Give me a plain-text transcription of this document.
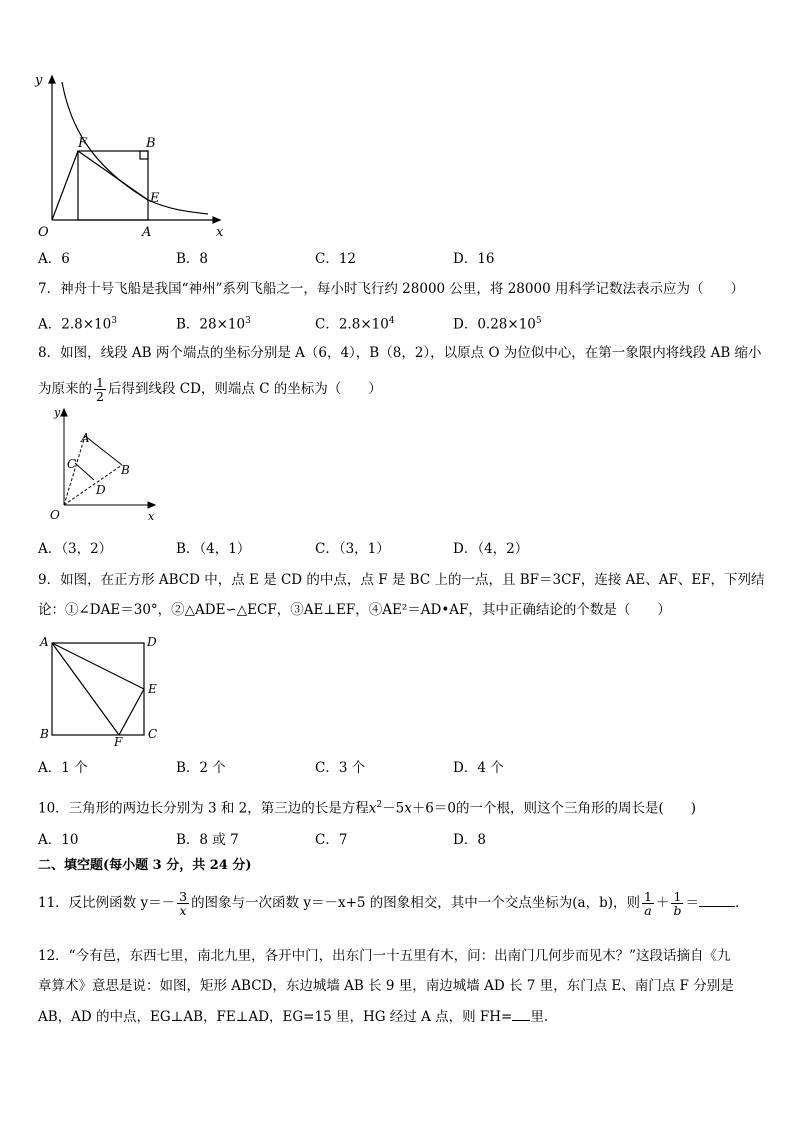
y
x
O	A
B
E
F
A．6	B．8	C．12	D．16
7．神舟十号飞船是我国“神州”系列飞船之一，每小时飞行约 28000 公里，将 28000 用科学记数法表示应为（　　）
A．$2.8\times 10^3$	B．$28\times 10^3$	C．$2.8\times 10^4$	D．$0.28\times 10^5$
8．如图，线段 AB 两个端点的坐标分别是 A（6，4），B（8，2），以原点 O 为位似中心，在第一象限内将线段 AB 缩小
为原来的 $\frac{1}{2}$ 后得到线段 CD，则端点 C 的坐标为（　　）
y
x
O
A
B
C
D
A．（3，2）	B．（4，1）	C．（3，1）	D．（4，2）
9．如图，在正方形 ABCD 中，点 E 是 CD 的中点，点 F 是 BC 上的一点，且 BF＝3CF，连接 AE、AF、EF，下列结
论：①∠DAE＝30°，②△ADE∽△ECF，③AE⊥EF，④AE²＝AD•AF，其中正确结论的个数是（　　）
A	D
E
B	C
F
A．1 个	B．2 个	C．3 个	D．4 个
10．三角形的两边长分别为 3 和 2，第三边的长是方程$x^2-5x+6=0$的一个根，则这个三角形的周长是(　　)
A．10	B．8 或 7	C．7	D．8
二、填空题(每小题 3 分，共 24 分)
11．反比例函数 $y=- \frac{3}{x}$ 的图象与一次函数 y＝－x+5 的图象相交，其中一个交点坐标为(a，b)，则 $\frac{1}{a} + \frac{1}{b}$ ＝	．
12．“今有邑，东西七里，南北九里，各开中门，出东门一十五里有木，问：出南门几何步而见木？”这段话摘自《九
章算术》意思是说：如图，矩形 ABCD，东边城墙 AB 长 9 里，南边城墙 AD 长 7 里，东门点 E、南门点 F 分别是
AB，AD 的中点，EG⊥AB，FE⊥AD，EG=15 里，HG 经过 A 点，则 FH= 里.
